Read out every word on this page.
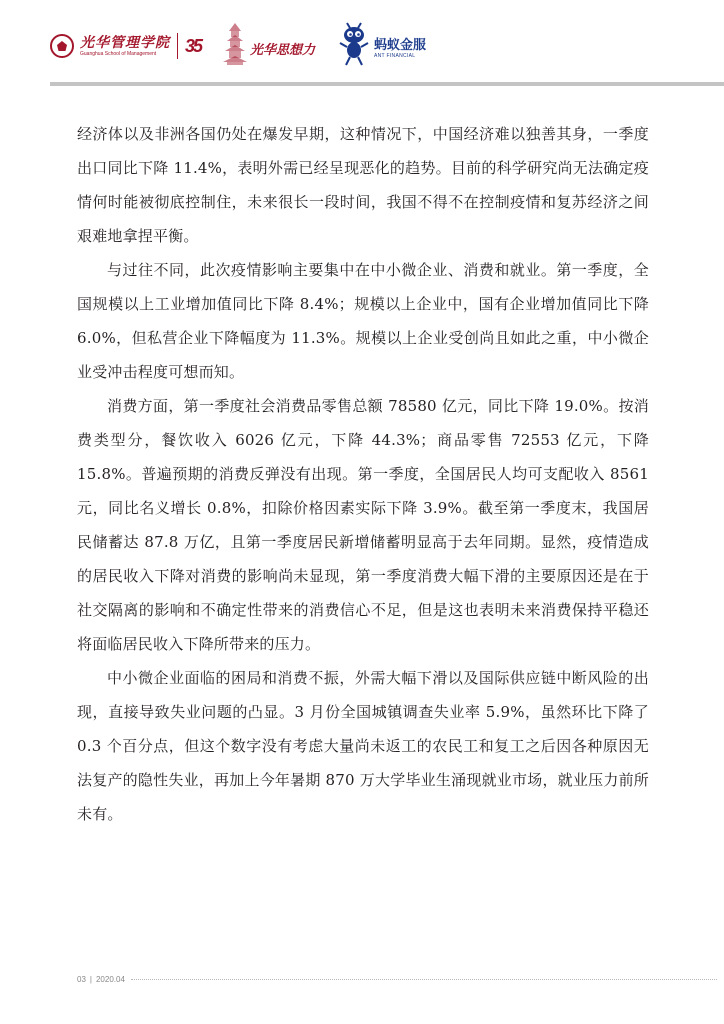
光华管理学院
Guanghua School of Management	35	光华思想力	蚂蚁金服
ANT FINANCIAL

经济体以及非洲各国仍处在爆发早期，这种情况下，中国经济难以独善其身，一季度出口同比下降 11.4%，表明外需已经呈现恶化的趋势。目前的科学研究尚无法确定疫情何时能被彻底控制住，未来很长一段时间，我国不得不在控制疫情和复苏经济之间艰难地拿捏平衡。

与过往不同，此次疫情影响主要集中在中小微企业、消费和就业。第一季度，全国规模以上工业增加值同比下降 8.4%；规模以上企业中，国有企业增加值同比下降 6.0%，但私营企业下降幅度为 11.3%。规模以上企业受创尚且如此之重，中小微企业受冲击程度可想而知。

消费方面，第一季度社会消费品零售总额 78580 亿元，同比下降 19.0%。按消费类型分，餐饮收入 6026 亿元，下降 44.3%；商品零售 72553 亿元，下降 15.8%。普遍预期的消费反弹没有出现。第一季度，全国居民人均可支配收入 8561 元，同比名义增长 0.8%，扣除价格因素实际下降 3.9%。截至第一季度末，我国居民储蓄达 87.8 万亿，且第一季度居民新增储蓄明显高于去年同期。显然，疫情造成的居民收入下降对消费的影响尚未显现，第一季度消费大幅下滑的主要原因还是在于社交隔离的影响和不确定性带来的消费信心不足，但是这也表明未来消费保持平稳还将面临居民收入下降所带来的压力。

中小微企业面临的困局和消费不振，外需大幅下滑以及国际供应链中断风险的出现，直接导致失业问题的凸显。3 月份全国城镇调查失业率 5.9%，虽然环比下降了 0.3 个百分点，但这个数字没有考虑大量尚未返工的农民工和复工之后因各种原因无法复产的隐性失业，再加上今年暑期 870 万大学毕业生涌现就业市场，就业压力前所未有。

03 | 2020.04
